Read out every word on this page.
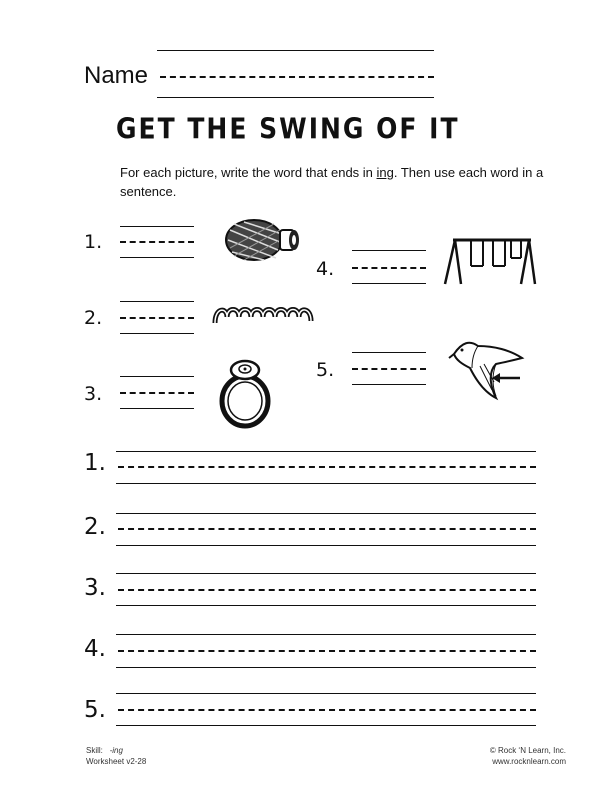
Name
GET THE SWING OF IT
For each picture, write the word that ends in ing. Then use each word in a sentence.
1.
2.
3.
4.
5.
1.
2.
3.
4.
5.
Skill: -ing
Worksheet v2-28
© Rock ‘N Learn, Inc.
www.rocknlearn.com
